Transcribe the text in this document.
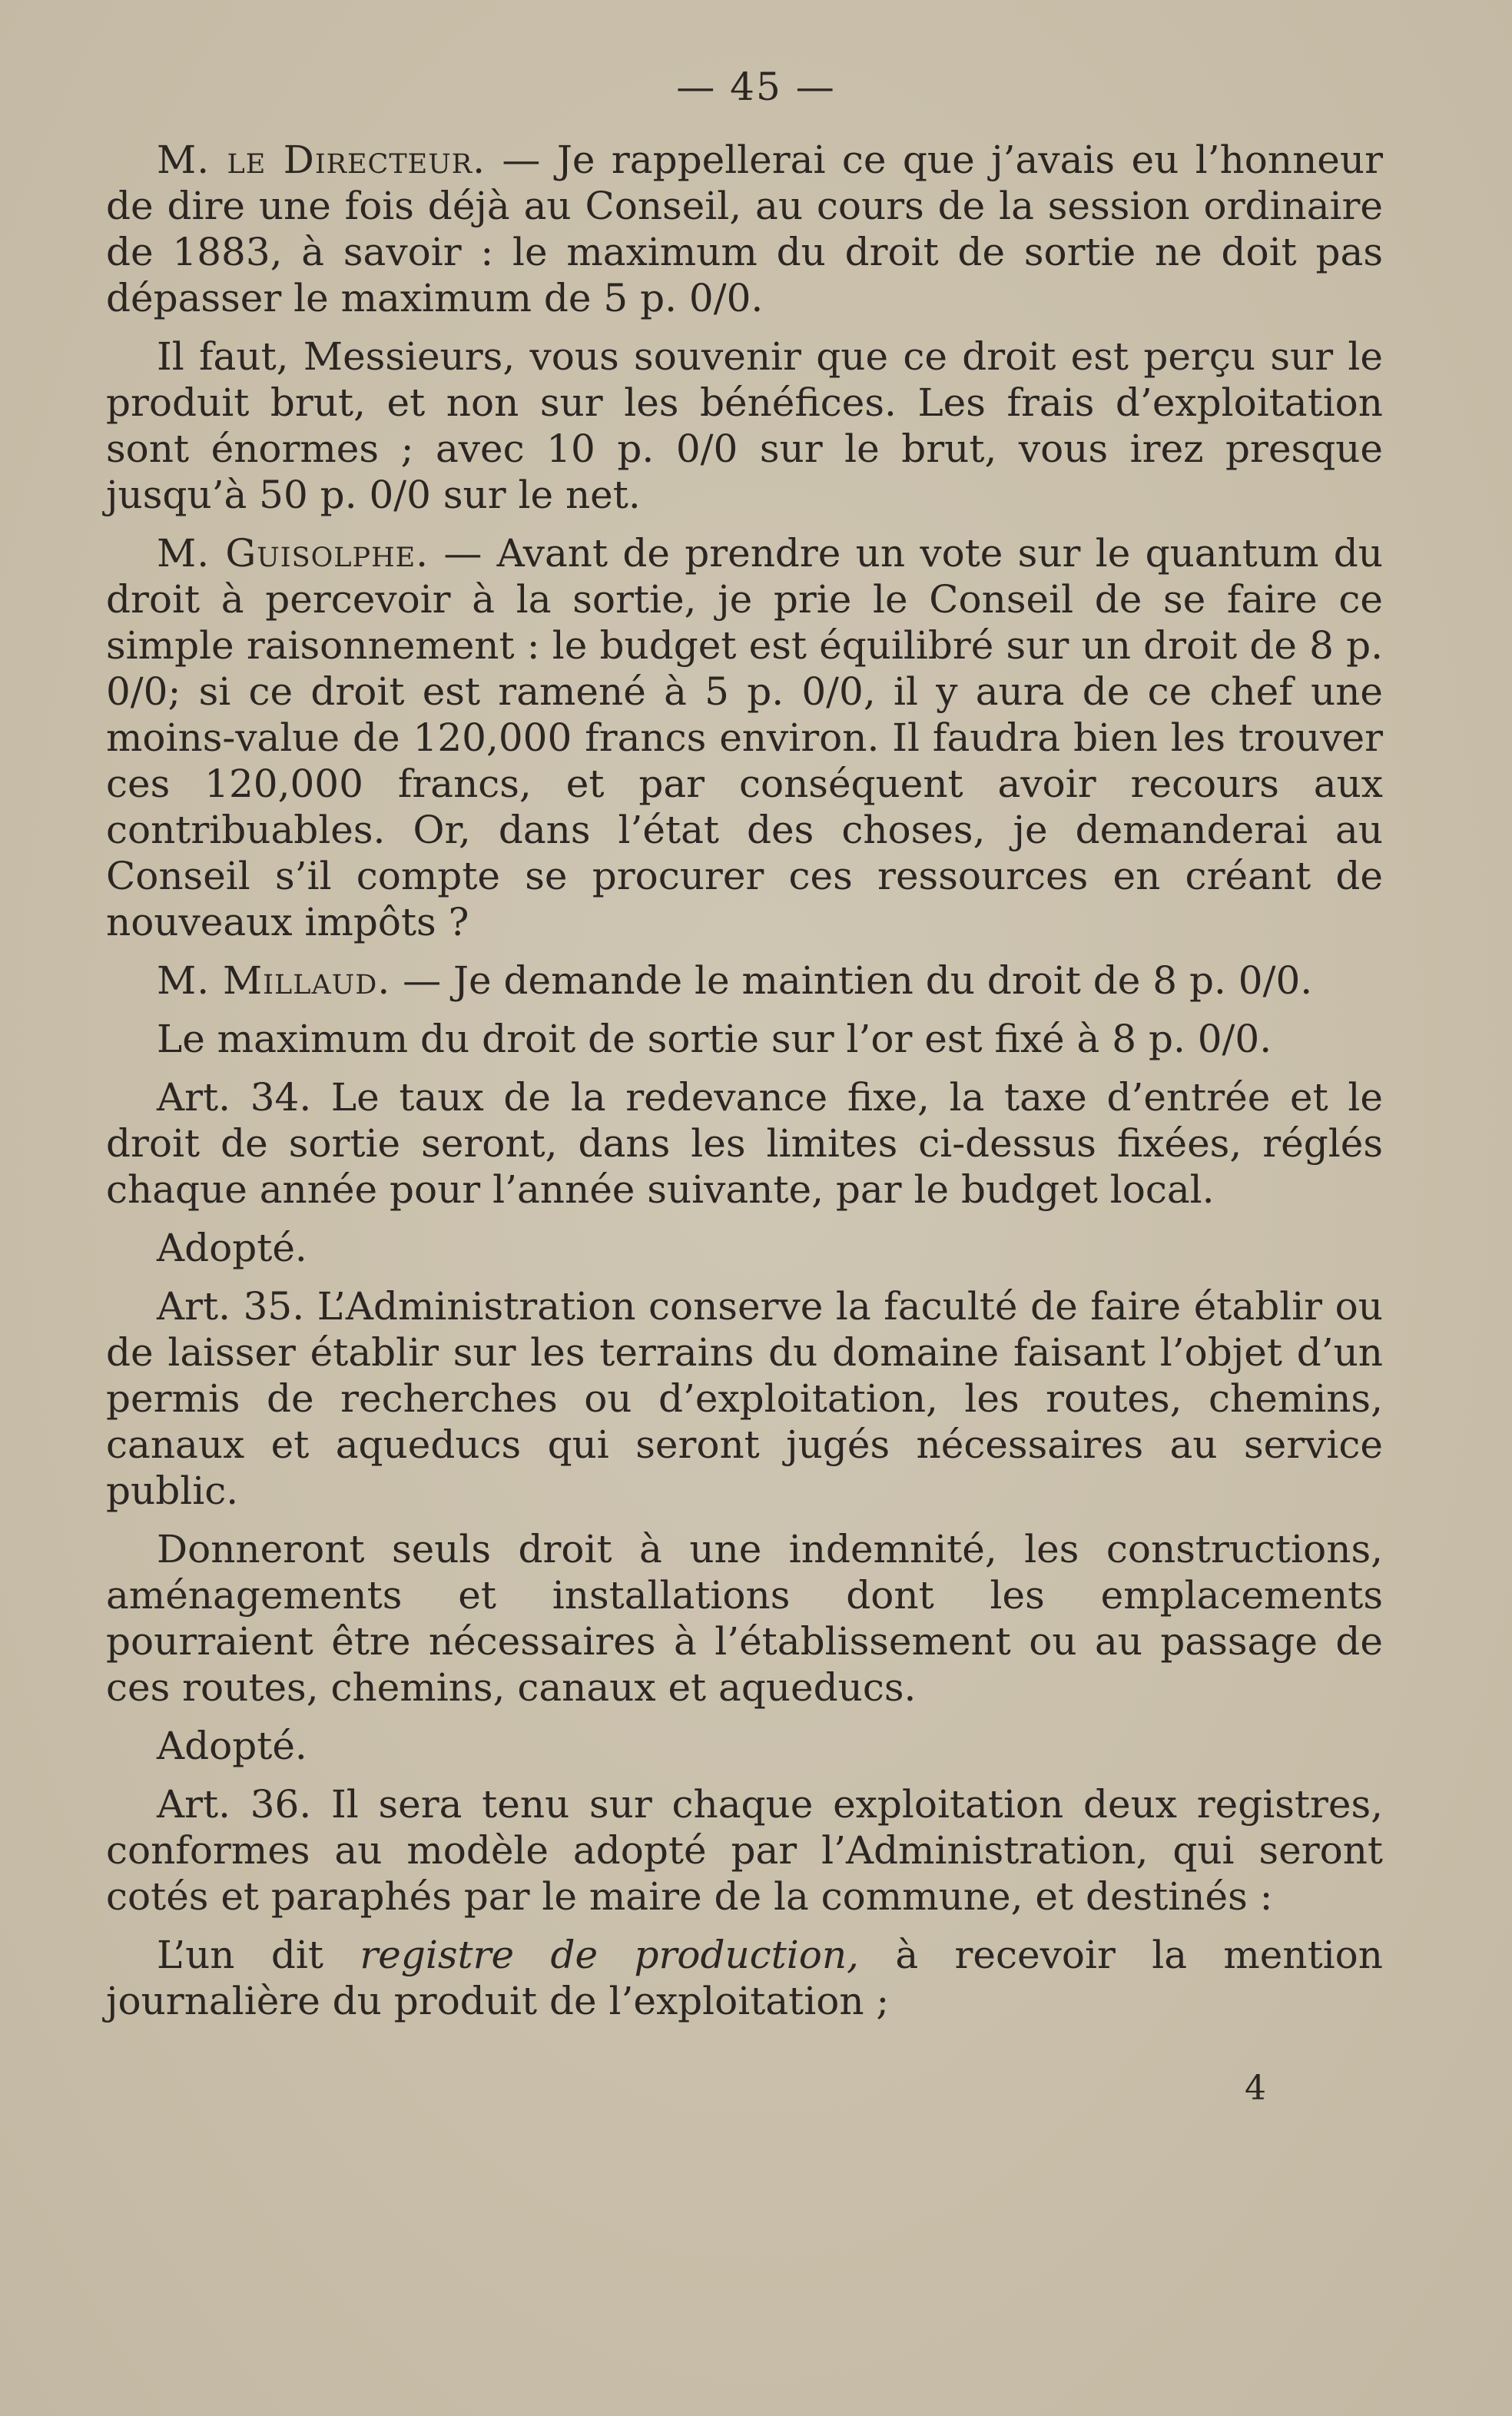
— 45 —

M. le Directeur. — Je rappellerai ce que j’avais eu l’honneur de dire une fois déjà au Conseil, au cours de la session ordinaire de 1883, à savoir : le maximum du droit de sortie ne doit pas dépasser le maximum de 5 p. 0/0.

Il faut, Messieurs, vous souvenir que ce droit est perçu sur le produit brut, et non sur les bénéfices. Les frais d’exploitation sont énormes ; avec 10 p. 0/0 sur le brut, vous irez presque jusqu’à 50 p. 0/0 sur le net.

M. Guisolphe. — Avant de prendre un vote sur le quantum du droit à percevoir à la sortie, je prie le Conseil de se faire ce simple raisonnement : le budget est équilibré sur un droit de 8 p. 0/0; si ce droit est ramené à 5 p. 0/0, il y aura de ce chef une moins-value de 120,000 francs environ. Il faudra bien les trouver ces 120,000 francs, et par conséquent avoir recours aux contribuables. Or, dans l’état des choses, je demanderai au Conseil s’il compte se procurer ces ressources en créant de nouveaux impôts ?

M. Millaud. — Je demande le maintien du droit de 8 p. 0/0.

Le maximum du droit de sortie sur l’or est fixé à 8 p. 0/0.

Art. 34. Le taux de la redevance fixe, la taxe d’entrée et le droit de sortie seront, dans les limites ci-dessus fixées, réglés chaque année pour l’année suivante, par le budget local.

Adopté.

Art. 35. L’Administration conserve la faculté de faire établir ou de laisser établir sur les terrains du domaine faisant l’objet d’un permis de recherches ou d’exploitation, les routes, chemins, canaux et aqueducs qui seront jugés nécessaires au service public.

Donneront seuls droit à une indemnité, les constructions, aménagements et installations dont les emplacements pourraient être nécessaires à l’établissement ou au passage de ces routes, chemins, canaux et aqueducs.

Adopté.

Art. 36. Il sera tenu sur chaque exploitation deux registres, conformes au modèle adopté par l’Administration, qui seront cotés et paraphés par le maire de la commune, et destinés :

L’un dit registre de production, à recevoir la mention journalière du produit de l’exploitation ;

4
